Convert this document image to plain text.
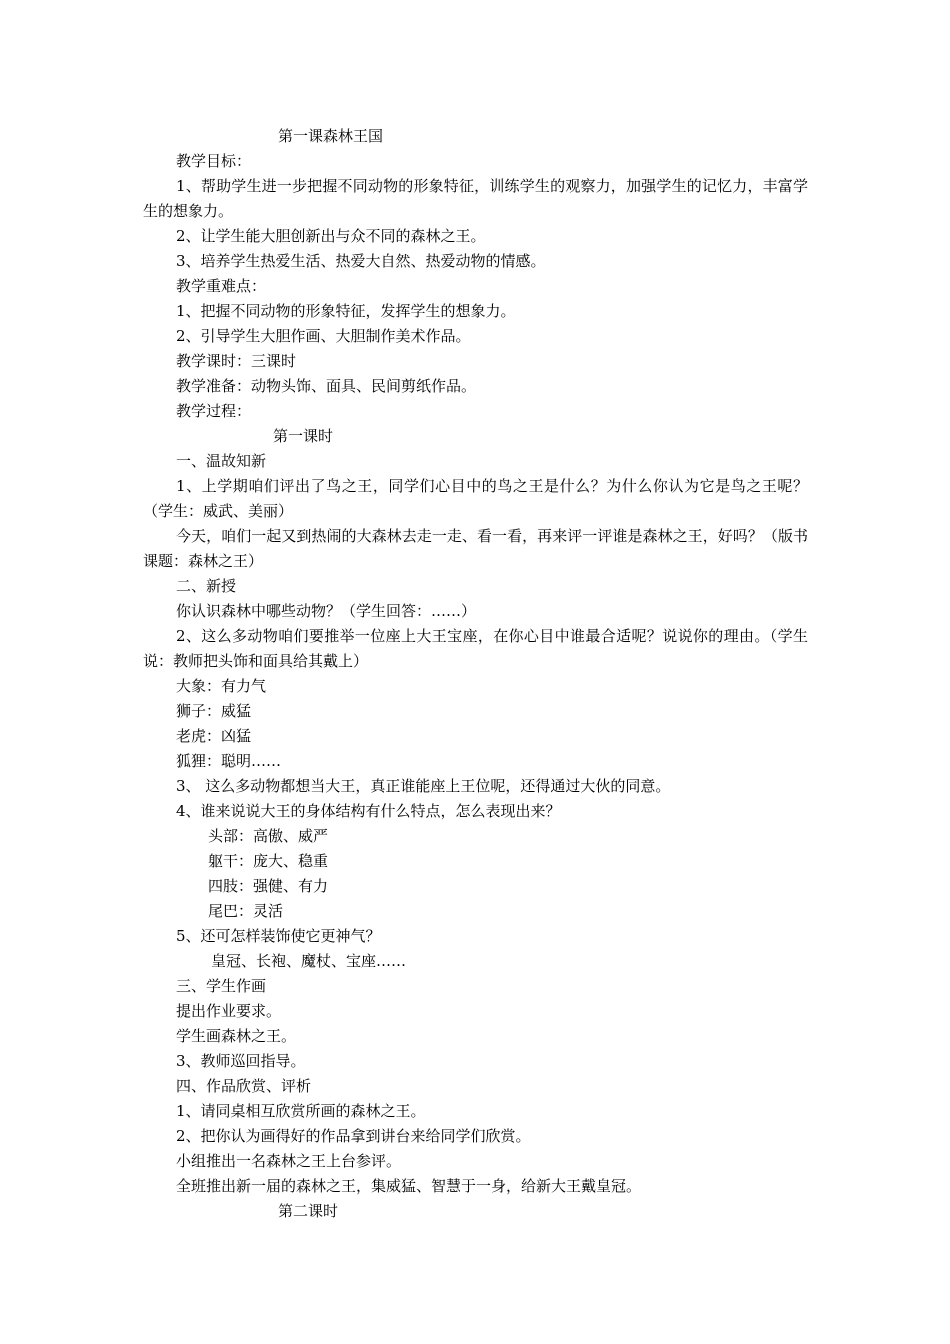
第一课森林王国
教学目标：
1、帮助学生进一步把握不同动物的形象特征，训练学生的观察力，加强学生的记忆力，丰富学生的想象力。
2、让学生能大胆创新出与众不同的森林之王。
3、培养学生热爱生活、热爱大自然、热爱动物的情感。
教学重难点：
1、把握不同动物的形象特征，发挥学生的想象力。
2、引导学生大胆作画、大胆制作美术作品。
教学课时：三课时
教学准备：动物头饰、面具、民间剪纸作品。
教学过程：
第一课时
一、温故知新
1、上学期咱们评出了鸟之王，同学们心目中的鸟之王是什么？为什么你认为它是鸟之王呢？（学生：威武、美丽）
今天，咱们一起又到热闹的大森林去走一走、看一看，再来评一评谁是森林之王，好吗？（版书课题：森林之王）
二、新授
你认识森林中哪些动物？（学生回答：……）
2、这么多动物咱们要推举一位座上大王宝座，在你心目中谁最合适呢？说说你的理由。（学生说：教师把头饰和面具给其戴上）
大象：有力气
狮子：威猛
老虎：凶猛
狐狸：聪明……
3、 这么多动物都想当大王，真正谁能座上王位呢，还得通过大伙的同意。
4、谁来说说大王的身体结构有什么特点，怎么表现出来？
头部：高傲、威严
躯干：庞大、稳重
四肢：强健、有力
尾巴：灵活
5、还可怎样装饰使它更神气？
皇冠、长袍、魔杖、宝座……
三、学生作画
提出作业要求。
学生画森林之王。
3、教师巡回指导。
四、作品欣赏、评析
1、请同桌相互欣赏所画的森林之王。
2、把你认为画得好的作品拿到讲台来给同学们欣赏。
小组推出一名森林之王上台参评。
全班推出新一届的森林之王，集威猛、智慧于一身，给新大王戴皇冠。
第二课时
